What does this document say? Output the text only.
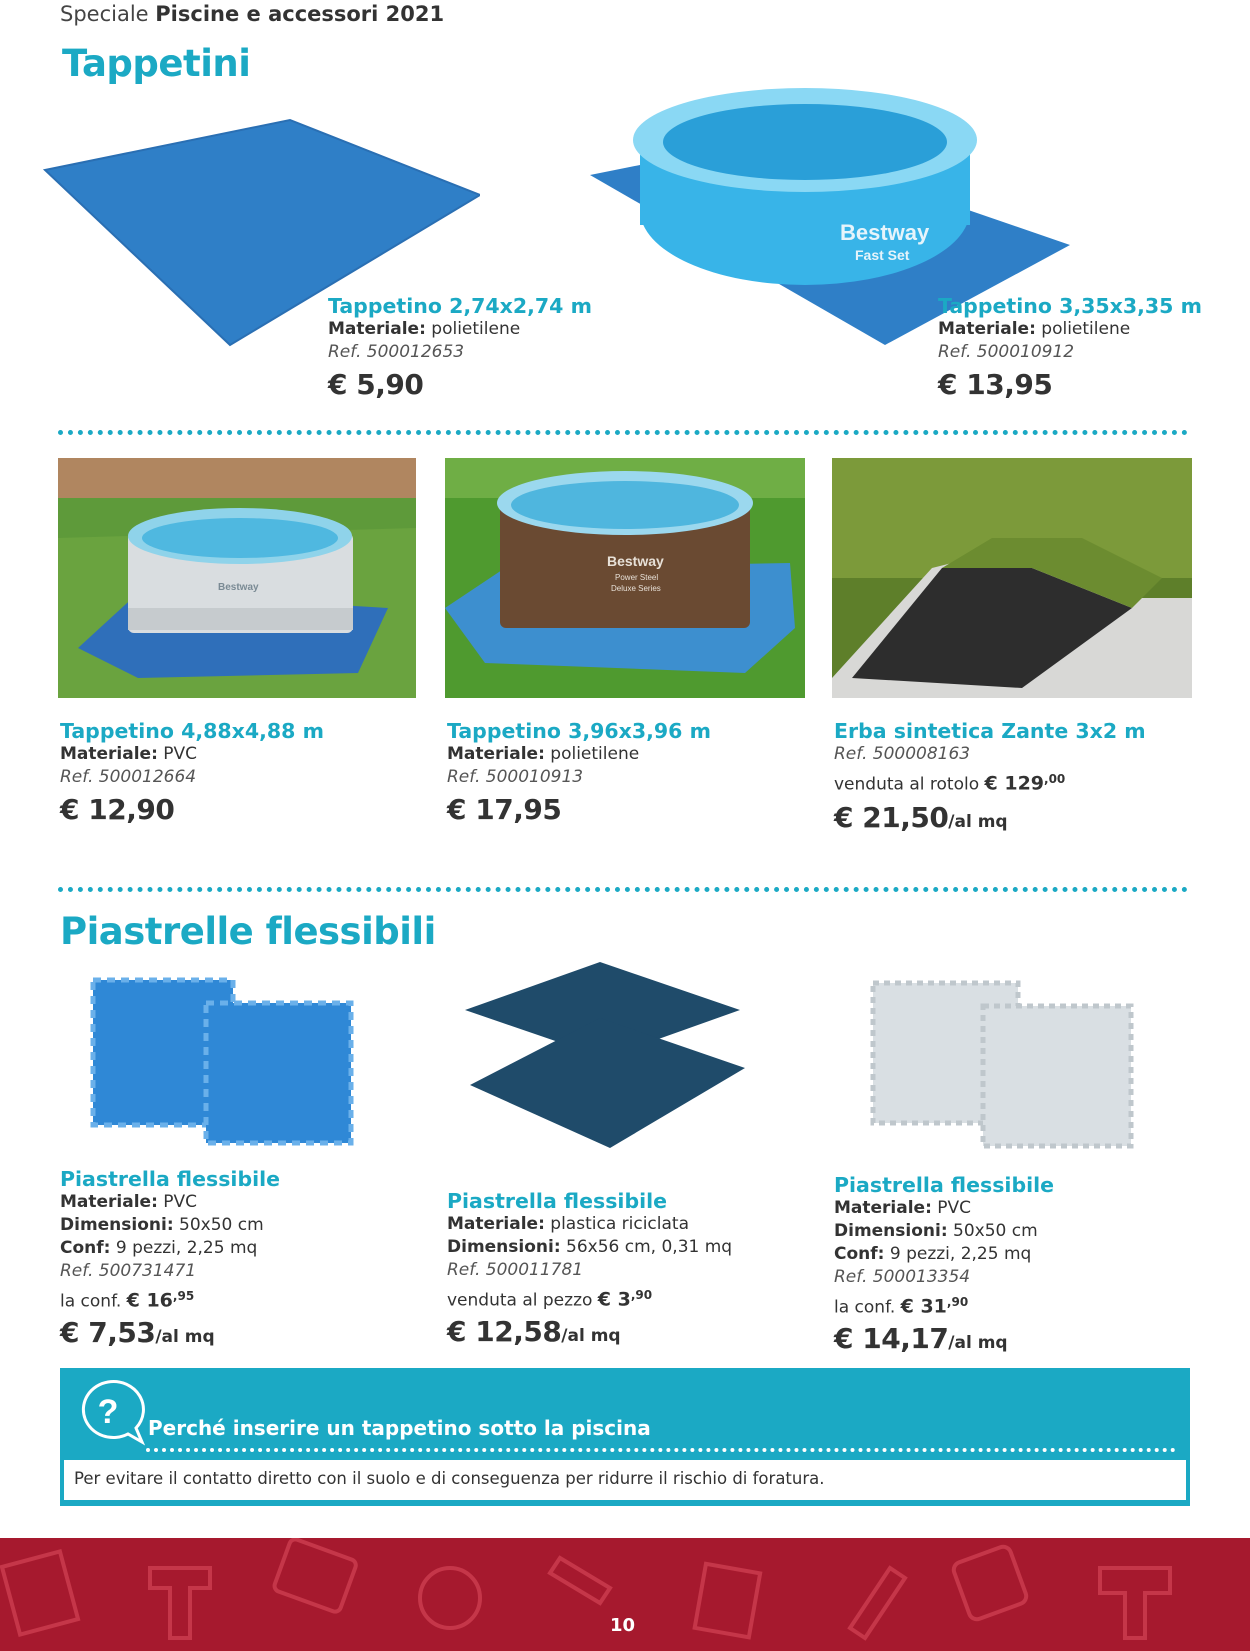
Speciale Piscine e accessori 2021
Tappetini
Bestway
Fast Set
Tappetino 2,74x2,74 m
Materiale: polietilene
Ref. 500012653
€ 5,90
Tappetino 3,35x3,35 m
Materiale: polietilene
Ref. 500010912
€ 13,95
Bestway
Bestway
Power Steel
Deluxe Series
Tappetino 4,88x4,88 m
Materiale: PVC
Ref. 500012664
€ 12,90
Tappetino 3,96x3,96 m
Materiale: polietilene
Ref. 500010913
€ 17,95
Erba sintetica Zante 3x2 m
Ref. 500008163
venduta al rotolo € $129^{,00}$
€ 21,50/al mq
Piastrelle flessibili
Piastrella flessibile
Materiale: PVC
Dimensioni: 50x50 cm
Conf: 9 pezzi, 2,25 mq
Ref. 500731471
la conf. € $16^{,95}$
€ 7,53/al mq
Piastrella flessibile
Materiale: plastica riciclata
Dimensioni: 56x56 cm, 0,31 mq
Ref. 500011781
venduta al pezzo € $3^{,90}$
€ 12,58/al mq
Piastrella flessibile
Materiale: PVC
Dimensioni: 50x50 cm
Conf: 9 pezzi, 2,25 mq
Ref. 500013354
la conf. € $31^{,90}$
€ 14,17/al mq
? Perché inserire un tappetino sotto la piscina
Per evitare il contatto diretto con il suolo e di conseguenza per ridurre il rischio di foratura.
10
